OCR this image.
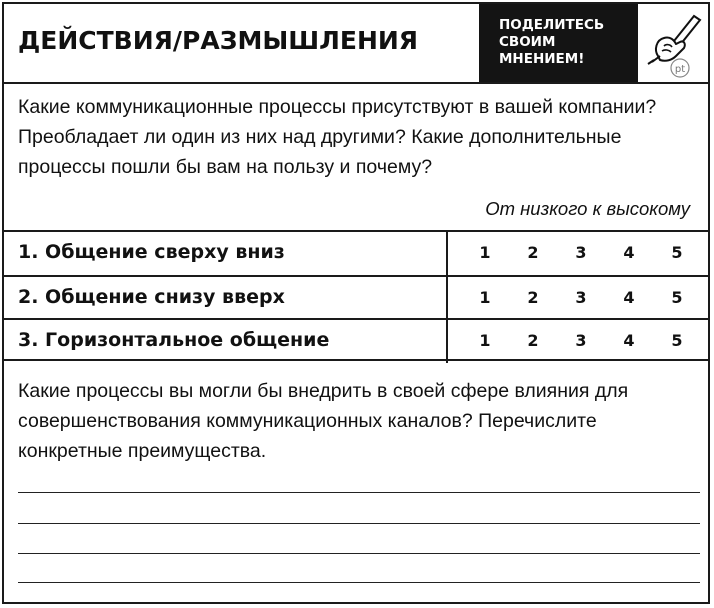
ДЕЙСТВИЯ/РАЗМЫШЛЕНИЯ
ПОДЕЛИТЕСЬ
СВОИМ
МНЕНИЕМ!
pt
Какие коммуникационные процессы присутствуют в вашей компании? Преобладает ли один из них над другими? Какие дополнительные процессы пошли бы вам на пользу и почему?
От низкого к высокому
1. Общение сверху вниз	1 2 3 4 5
2. Общение снизу вверх	1 2 3 4 5
3. Горизонтальное общение	1 2 3 4 5
Какие процессы вы могли бы внедрить в своей сфере влияния для совершенствования коммуникационных каналов? Перечислите конкретные преимущества.
